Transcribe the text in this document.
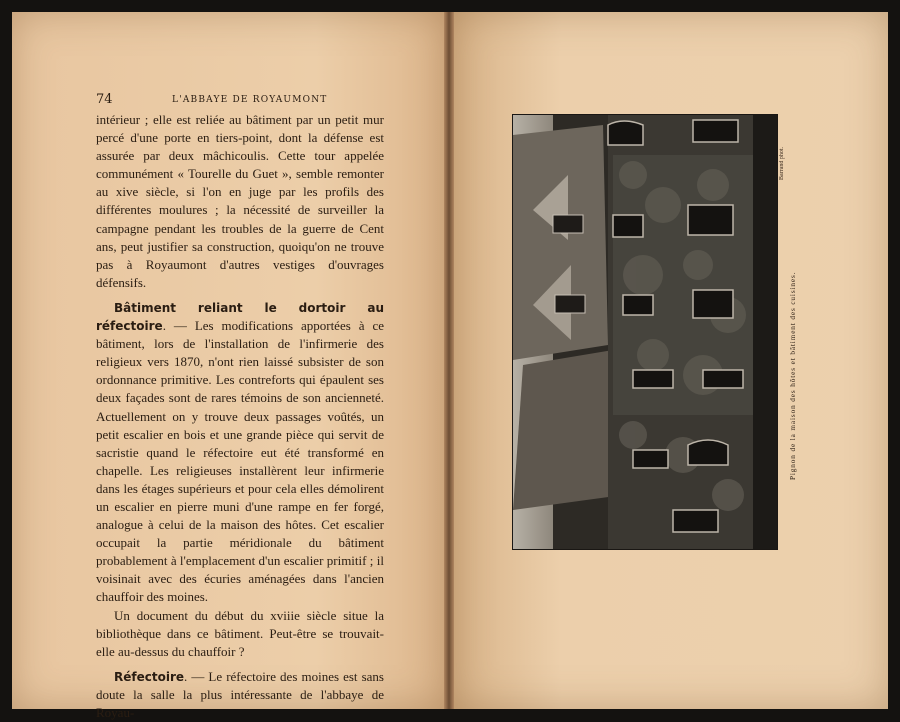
74	L'ABBAYE DE ROYAUMONT

intérieur ; elle est reliée au bâtiment par un petit mur percé d'une porte en tiers-point, dont la défense est assurée par deux mâchicoulis. Cette tour appelée communément « Tourelle du Guet », semble remonter au xive siècle, si l'on en juge par les profils des différentes moulures ; la nécessité de surveiller la campagne pendant les troubles de la guerre de Cent ans, peut justifier sa construction, quoiqu'on ne trouve pas à Royaumont d'autres vestiges d'ouvrages défensifs.

Bâtiment reliant le dortoir au réfectoire. — Les modifications apportées à ce bâtiment, lors de l'installation de l'infirmerie des religieux vers 1870, n'ont rien laissé subsister de son ordonnance primitive. Les contreforts qui épaulent ses deux façades sont de rares témoins de son ancienneté. Actuellement on y trouve deux passages voûtés, un petit escalier en bois et une grande pièce qui servit de sacristie quand le réfectoire eut été transformé en chapelle. Les religieuses installèrent leur infirmerie dans les étages supérieurs et pour cela elles démolirent un escalier en pierre muni d'une rampe en fer forgé, analogue à celui de la maison des hôtes. Cet escalier occupait la partie méridionale du bâtiment probablement à l'emplacement d'un escalier primitif ; il voisinait avec des écuries aménagées dans l'ancien chauffoir des moines.

Un document du début du xviiie siècle situe la bibliothèque dans ce bâtiment. Peut-être se trouvait-elle au-dessus du chauffoir ?

Réfectoire. — Le réfectoire des moines est sans doute la salle la plus intéressante de l'abbaye de Royau-

Barrand phot.
Pignon de la maison des hôtes et bâtiment des cuisines.
